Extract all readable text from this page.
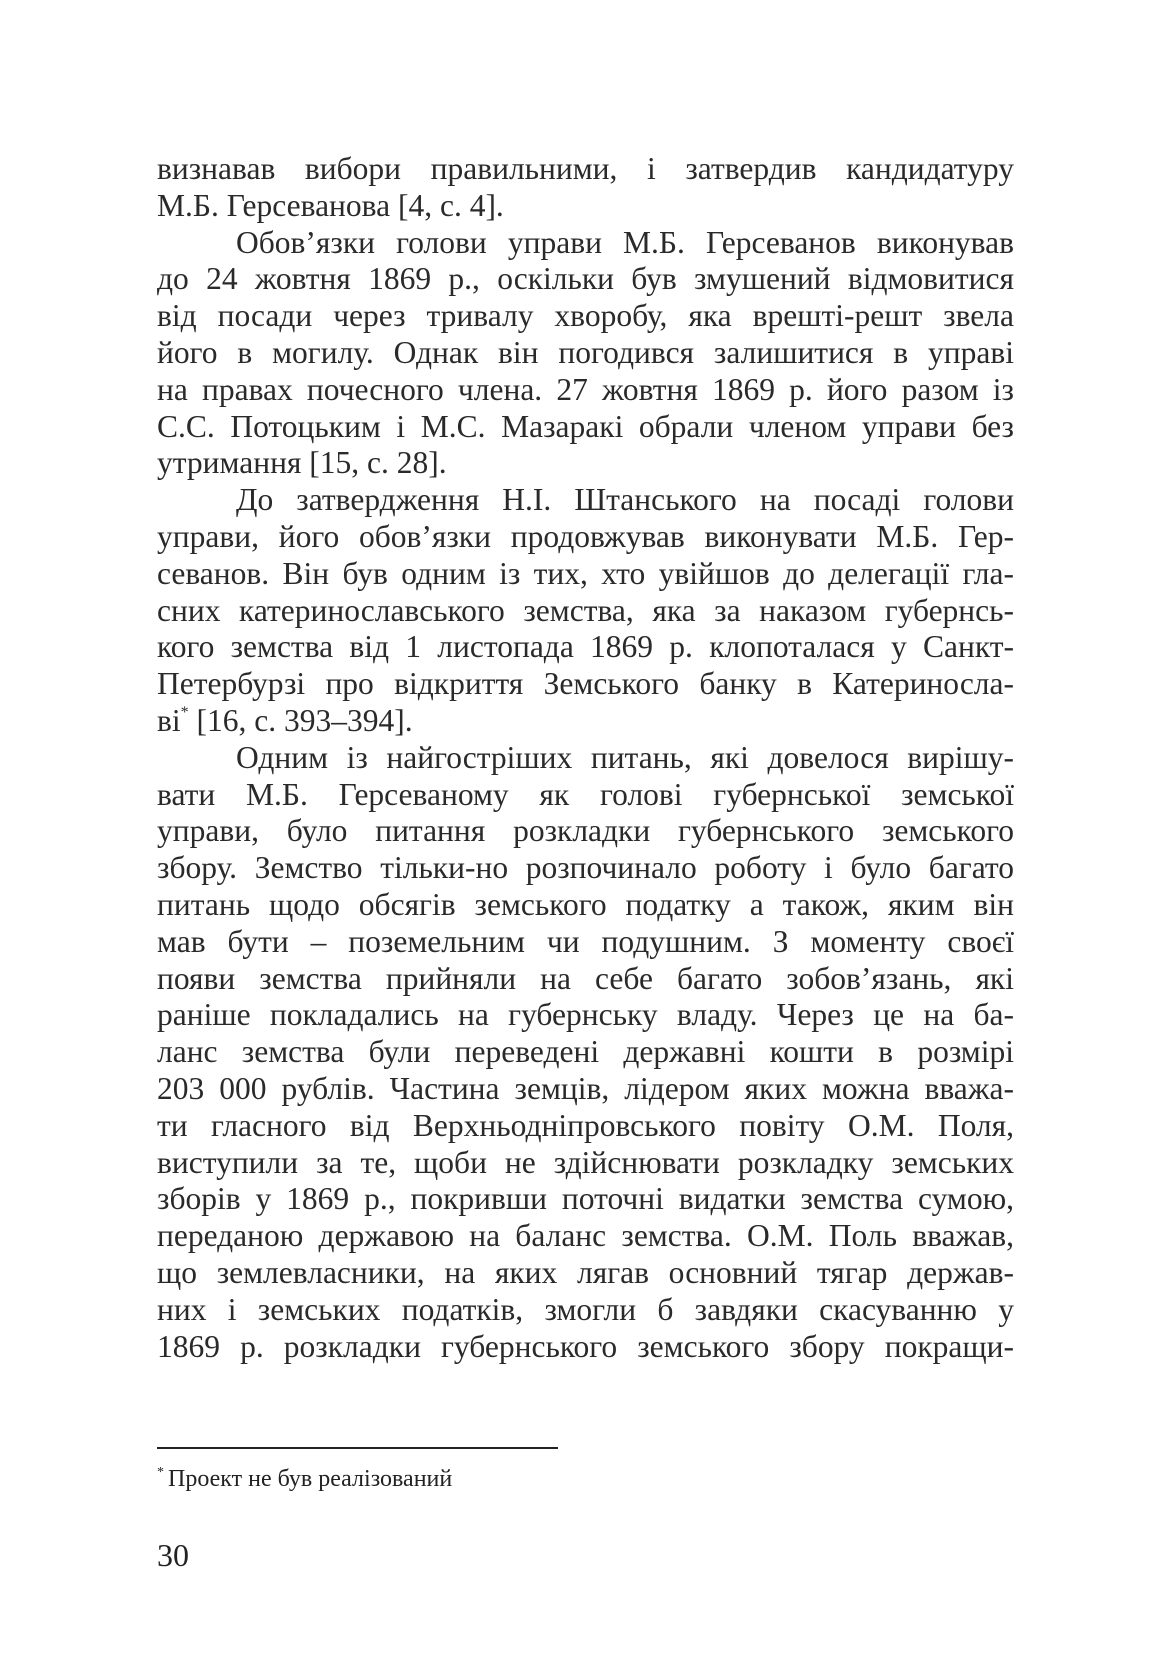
визнавав вибори правильними, і затвердив кандидатуру
М.Б. Герсеванова [4, с. 4].
Обов’язки голови управи М.Б. Герсеванов виконував
до 24 жовтня 1869 р., оскільки був змушений відмовитися
від посади через тривалу хворобу, яка врешті-решт звела
його в могилу. Однак він погодився залишитися в управі
на правах почесного члена. 27 жовтня 1869 р. його разом із
С.С. Потоцьким і М.С. Мазаракі обрали членом управи без
утримання [15, с. 28].
До затвердження Н.І. Штанського на посаді голови
управи, його обов’язки продовжував виконувати М.Б. Гер-
севанов. Він був одним із тих, хто увійшов до делегації гла-
сних катеринославського земства, яка за наказом губернсь-
кого земства від 1 листопада 1869 р. клопоталася у Санкт-
Петербурзі про відкриття Земського банку в Катериносла-
ві* [16, с. 393–394].
Одним із найгостріших питань, які довелося вирішу-
вати М.Б. Герсеваному як голові губернської земської
управи, було питання розкладки губернського земського
збору. Земство тільки-но розпочинало роботу і було багато
питань щодо обсягів земського податку а також, яким він
мав бути – поземельним чи подушним. З моменту своєї
появи земства прийняли на себе багато зобов’язань, які
раніше покладались на губернську владу. Через це на ба-
ланс земства були переведені державні кошти в розмірі
203 000 рублів. Частина земців, лідером яких можна вважа-
ти гласного від Верхньодніпровського повіту О.М. Поля,
виступили за те, щоби не здійснювати розкладку земських
зборів у 1869 р., покривши поточні видатки земства сумою,
переданою державою на баланс земства. О.М. Поль вважав,
що землевласники, на яких лягав основний тягар держав-
них і земських податків, змогли б завдяки скасуванню у
1869 р. розкладки губернського земського збору покращи-
* Проект не був реалізований
30
